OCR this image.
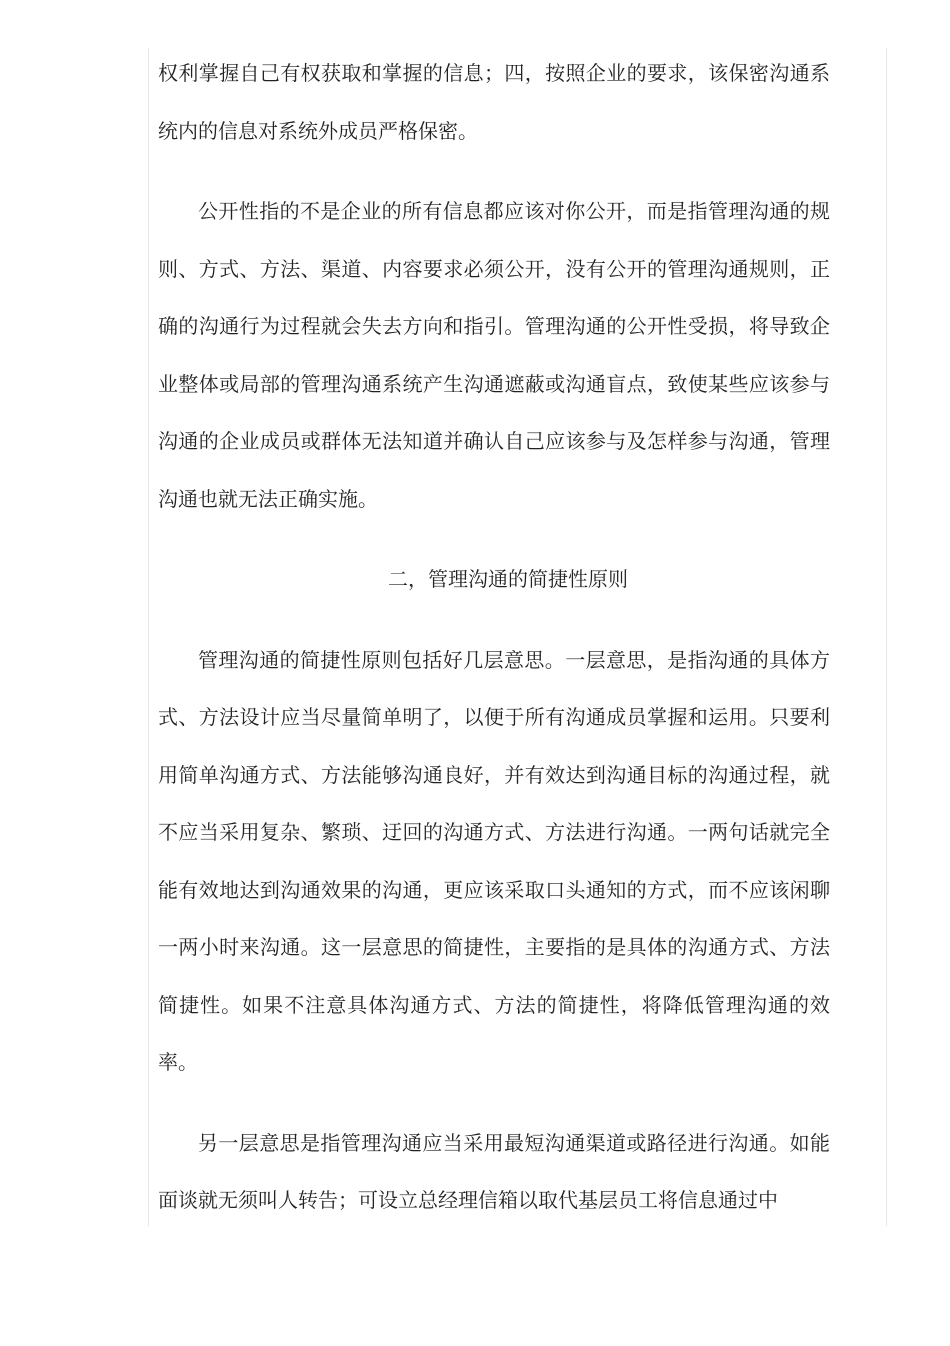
权利掌握自己有权获取和掌握的信息；四，按照企业的要求，该保密沟通系统内的信息对系统外成员严格保密。

公开性指的不是企业的所有信息都应该对你公开，而是指管理沟通的规则、方式、方法、渠道、内容要求必须公开，没有公开的管理沟通规则，正确的沟通行为过程就会失去方向和指引。管理沟通的公开性受损，将导致企业整体或局部的管理沟通系统产生沟通遮蔽或沟通盲点，致使某些应该参与沟通的企业成员或群体无法知道并确认自己应该参与及怎样参与沟通，管理沟通也就无法正确实施。

二，管理沟通的简捷性原则

管理沟通的简捷性原则包括好几层意思。一层意思，是指沟通的具体方式、方法设计应当尽量简单明了，以便于所有沟通成员掌握和运用。只要利用简单沟通方式、方法能够沟通良好，并有效达到沟通目标的沟通过程，就不应当采用复杂、繁琐、迂回的沟通方式、方法进行沟通。一两句话就完全能有效地达到沟通效果的沟通，更应该采取口头通知的方式，而不应该闲聊一两小时来沟通。这一层意思的简捷性，主要指的是具体的沟通方式、方法简捷性。如果不注意具体沟通方式、方法的简捷性，将降低管理沟通的效率。

另一层意思是指管理沟通应当采用最短沟通渠道或路径进行沟通。如能面谈就无须叫人转告；可设立总经理信箱以取代基层员工将信息通过中
